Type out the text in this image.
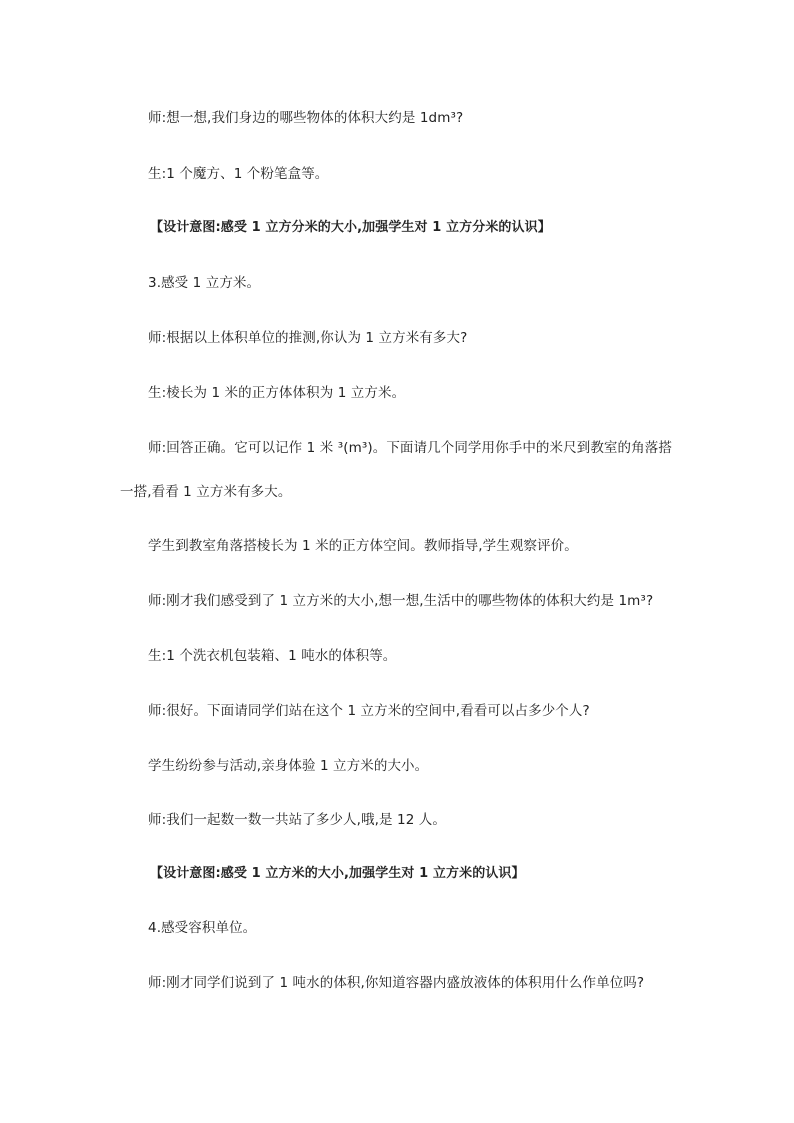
师:想一想,我们身边的哪些物体的体积大约是 1dm³?
生:1 个魔方、1 个粉笔盒等。
【设计意图:感受 1 立方分米的大小,加强学生对 1 立方分米的认识】
3.感受 1 立方米。
师:根据以上体积单位的推测,你认为 1 立方米有多大?
生:棱长为 1 米的正方体体积为 1 立方米。
师:回答正确。它可以记作 1 米 ³(m³)。下面请几个同学用你手中的米尺到教室的角落搭
一搭,看看 1 立方米有多大。
学生到教室角落搭棱长为 1 米的正方体空间。教师指导,学生观察评价。
师:刚才我们感受到了 1 立方米的大小,想一想,生活中的哪些物体的体积大约是 1m³?
生:1 个洗衣机包装箱、1 吨水的体积等。
师:很好。下面请同学们站在这个 1 立方米的空间中,看看可以占多少个人?
学生纷纷参与活动,亲身体验 1 立方米的大小。
师:我们一起数一数一共站了多少人,哦,是 12 人。
【设计意图:感受 1 立方米的大小,加强学生对 1 立方米的认识】
4.感受容积单位。
师:刚才同学们说到了 1 吨水的体积,你知道容器内盛放液体的体积用什么作单位吗?
